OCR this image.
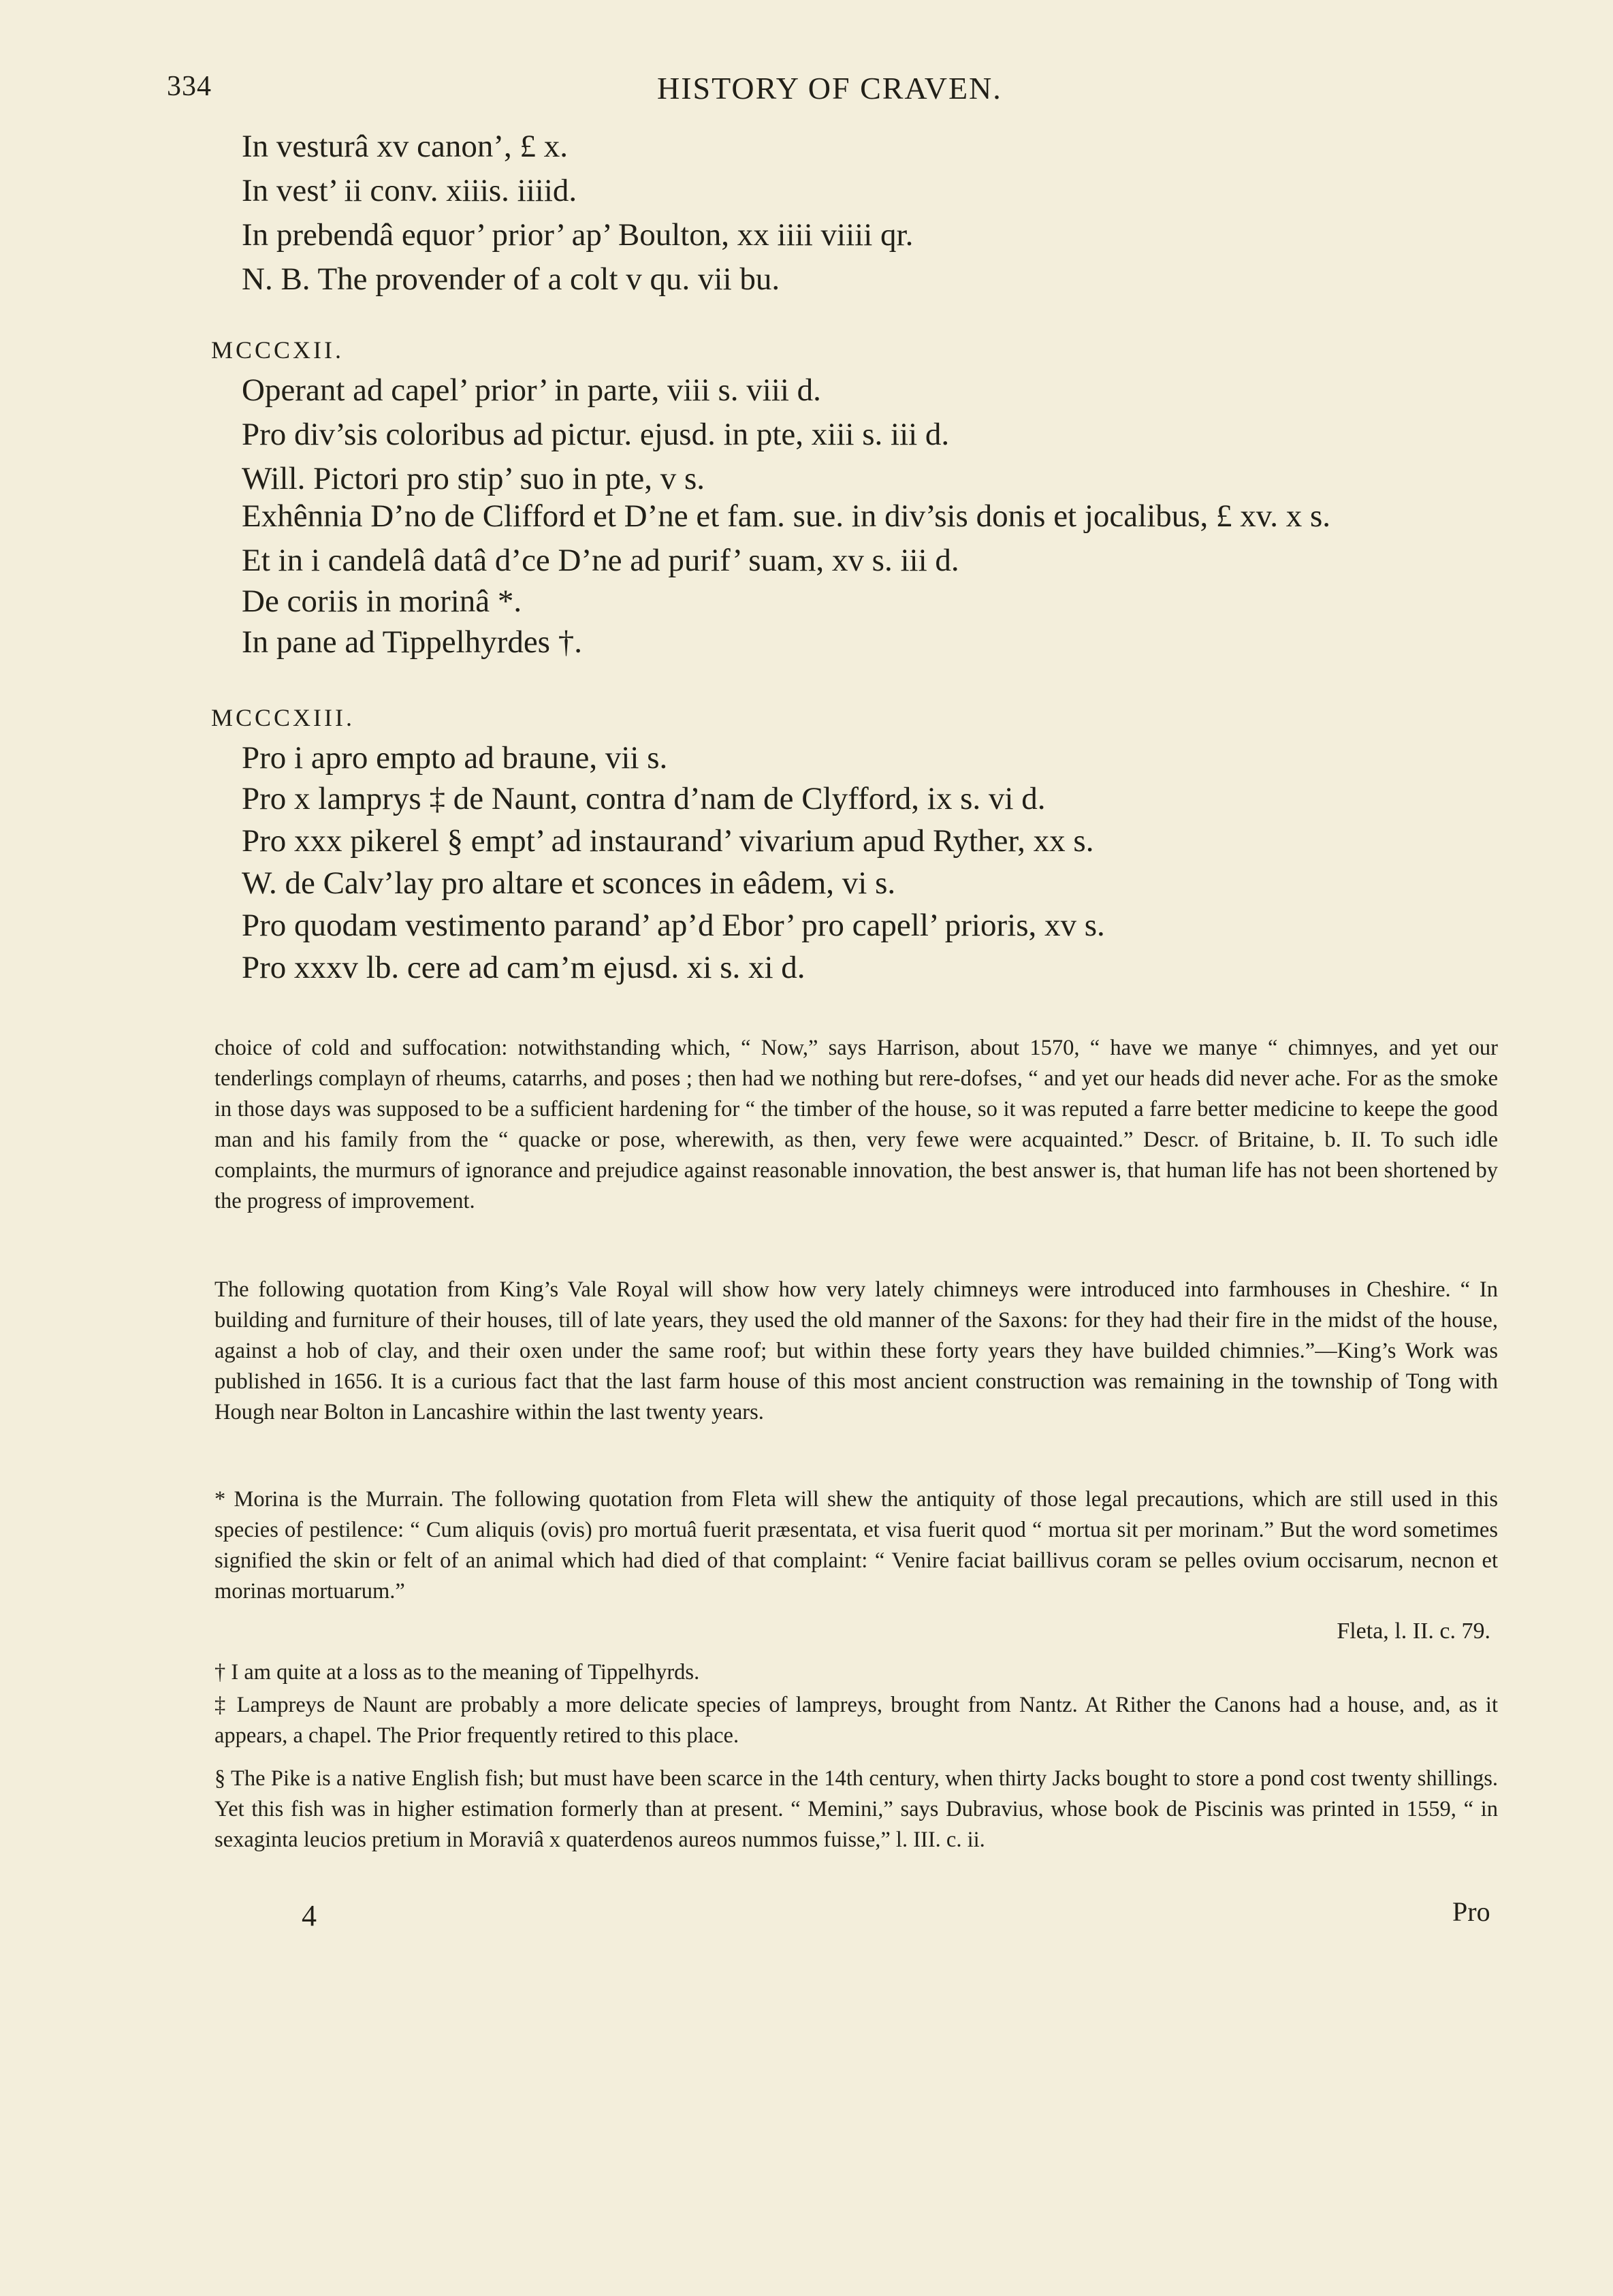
334	HISTORY OF CRAVEN.
In vesturâ xv canon’, £ x.
In vest’ ii conv. xiiis. iiiid.
In prebendâ equor’ prior’ ap’ Boulton, xx iiii viiii qr.
N. B. The provender of a colt v qu. vii bu.
MCCCXII.
Operant ad capel’ prior’ in parte, viii s. viii d.
Pro div’sis coloribus ad pictur. ejusd. in pte, xiii s. iii d.
Will. Pictori pro stip’ suo in pte, v s.
Exhênnia D’no de Clifford et D’ne et fam. sue. in div’sis donis et jocalibus, £ xv. x s.
Et in i candelâ datâ d’ce D’ne ad purif’ suam, xv s. iii d.
De coriis in morinâ *.
In pane ad Tippelhyrdes †.
MCCCXIII.
Pro i apro empto ad braune, vii s.
Pro x lamprys ‡ de Naunt, contra d’nam de Clyfford, ix s. vi d.
Pro xxx pikerel § empt’ ad instaurand’ vivarium apud Ryther, xx s.
W. de Calv’lay pro altare et sconces in eâdem, vi s.
Pro quodam vestimento parand’ ap’d Ebor’ pro capell’ prioris, xv s.
Pro xxxv lb. cere ad cam’m ejusd. xi s. xi d.
choice of cold and suffocation: notwithstanding which, “ Now,” says Harrison, about 1570, “ have we manye “ chimnyes, and yet our tenderlings complayn of rheums, catarrhs, and poses ; then had we nothing but rere-dofses, “ and yet our heads did never ache. For as the smoke in those days was supposed to be a sufficient hardening for “ the timber of the house, so it was reputed a farre better medicine to keepe the good man and his family from the “ quacke or pose, wherewith, as then, very fewe were acquainted.” Descr. of Britaine, b. II. To such idle complaints, the murmurs of ignorance and prejudice against reasonable innovation, the best answer is, that human life has not been shortened by the progress of improvement.
The following quotation from King’s Vale Royal will show how very lately chimneys were introduced into farmhouses in Cheshire. “ In building and furniture of their houses, till of late years, they used the old manner of the Saxons: for they had their fire in the midst of the house, against a hob of clay, and their oxen under the same roof; but within these forty years they have builded chimnies.”—King’s Work was published in 1656. It is a curious fact that the last farm house of this most ancient construction was remaining in the township of Tong with Hough near Bolton in Lancashire within the last twenty years.
* Morina is the Murrain. The following quotation from Fleta will shew the antiquity of those legal precautions, which are still used in this species of pestilence: “ Cum aliquis (ovis) pro mortuâ fuerit præsentata, et visa fuerit quod “ mortua sit per morinam.” But the word sometimes signified the skin or felt of an animal which had died of that complaint: “ Venire faciat baillivus coram se pelles ovium occisarum, necnon et morinas mortuarum.”
Fleta, l. II. c. 79.
† I am quite at a loss as to the meaning of Tippelhyrds.
‡ Lampreys de Naunt are probably a more delicate species of lampreys, brought from Nantz. At Rither the Canons had a house, and, as it appears, a chapel. The Prior frequently retired to this place.
§ The Pike is a native English fish; but must have been scarce in the 14th century, when thirty Jacks bought to store a pond cost twenty shillings. Yet this fish was in higher estimation formerly than at present. “ Memini,” says Dubravius, whose book de Piscinis was printed in 1559, “ in sexaginta leucios pretium in Moraviâ x quaterdenos aureos nummos fuisse,” l. III. c. ii.
4	Pro
